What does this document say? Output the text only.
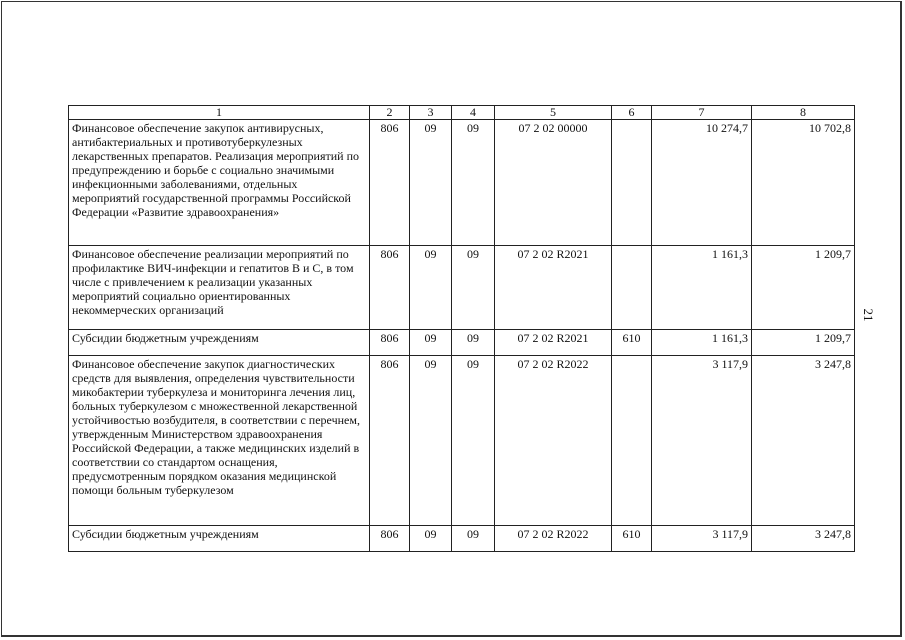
1	2	3	4	5	6	7	8
Финансовое обеспечение закупок антивирусных, антибактериальных и противотуберкулезных лекарственных препаратов. Реализация мероприятий по предупреждению и борьбе с социально значимыми инфекционными заболеваниями, отдельных мероприятий государственной программы Российской Федерации «Развитие здравоохранения»	806	09	09	07 2 02 00000		10 274,7	10 702,8
Финансовое обеспечение реализации мероприятий по профилактике ВИЧ-инфекции и гепатитов B и C, в том числе с привлечением к реализации указанных мероприятий социально ориентированных некоммерческих организаций	806	09	09	07 2 02 R2021		1 161,3	1 209,7
Субсидии бюджетным учреждениям	806	09	09	07 2 02 R2021	610	1 161,3	1 209,7
Финансовое обеспечение закупок диагностических средств для выявления, определения чувствительности микобактерии туберкулеза и мониторинга лечения лиц, больных туберкулезом с множественной лекарственной устойчивостью возбудителя, в соответствии с перечнем, утвержденным Министерством здравоохранения Российской Федерации, а также медицинских изделий в соответствии со стандартом оснащения, предусмотренным порядком оказания медицинской помощи больным туберкулезом	806	09	09	07 2 02 R2022		3 117,9	3 247,8
Субсидии бюджетным учреждениям	806	09	09	07 2 02 R2022	610	3 117,9	3 247,8
21
